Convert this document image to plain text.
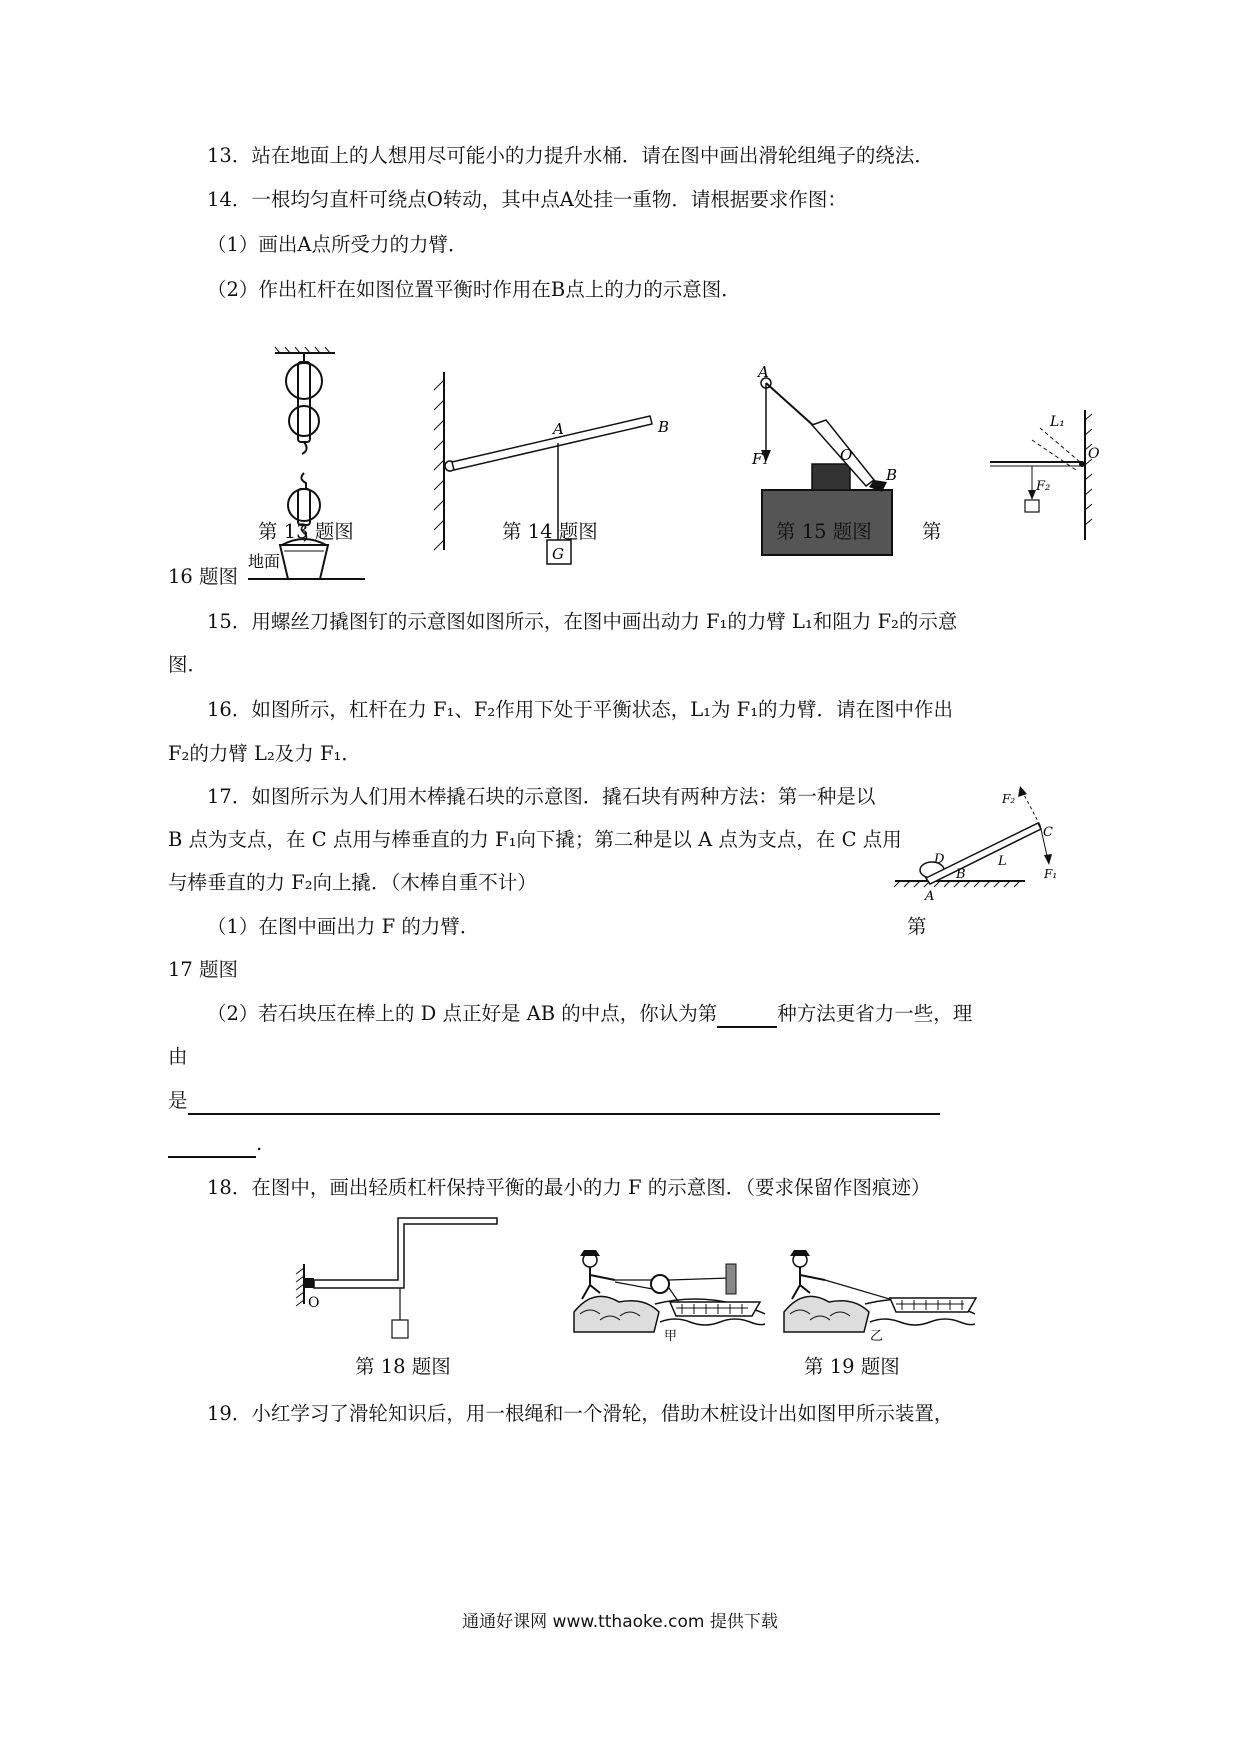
13．站在地面上的人想用尽可能小的力提升水桶．请在图中画出滑轮组绳子的绕法．
14．一根均匀直杆可绕点O转动，其中点A处挂一重物．请根据要求作图：
（1）画出A点所受力的力臂．
（2）作出杠杆在如图位置平衡时作用在B点上的力的示意图．
地面	G
A	B
A
O
B
F₁
L₁
O
F₂
第 13 题图	第 14 题图	第 15 题图	第
16 题图
15．用螺丝刀撬图钉的示意图如图所示，在图中画出动力 F₁的力臂 L₁和阻力 F₂的示意
图．
16．如图所示，杠杆在力 F₁、F₂作用下处于平衡状态，L₁为 F₁的力臂．请在图中作出
F₂的力臂 L₂及力 F₁．
17．如图所示为人们用木棒撬石块的示意图．撬石块有两种方法：第一种是以
B 点为支点，在 C 点用与棒垂直的力 F₁向下撬；第二种是以 A 点为支点，在 C 点用
与棒垂直的力 F₂向上撬．（木棒自重不计）
（1）在图中画出力 F 的力臂．
F₂
C
D	L
B
A
F₁
第
17 题图
（2）若石块压在棒上的 D 点正好是 AB 的中点，你认为第	种方法更省力一些，理
由
是
.
18．在图中，画出轻质杠杆保持平衡的最小的力 F 的示意图．（要求保留作图痕迹）
O
甲	乙
第 18 题图	第 19 题图
19．小红学习了滑轮知识后，用一根绳和一个滑轮，借助木桩设计出如图甲所示装置，
通通好课网 www.tthaoke.com 提供下载
